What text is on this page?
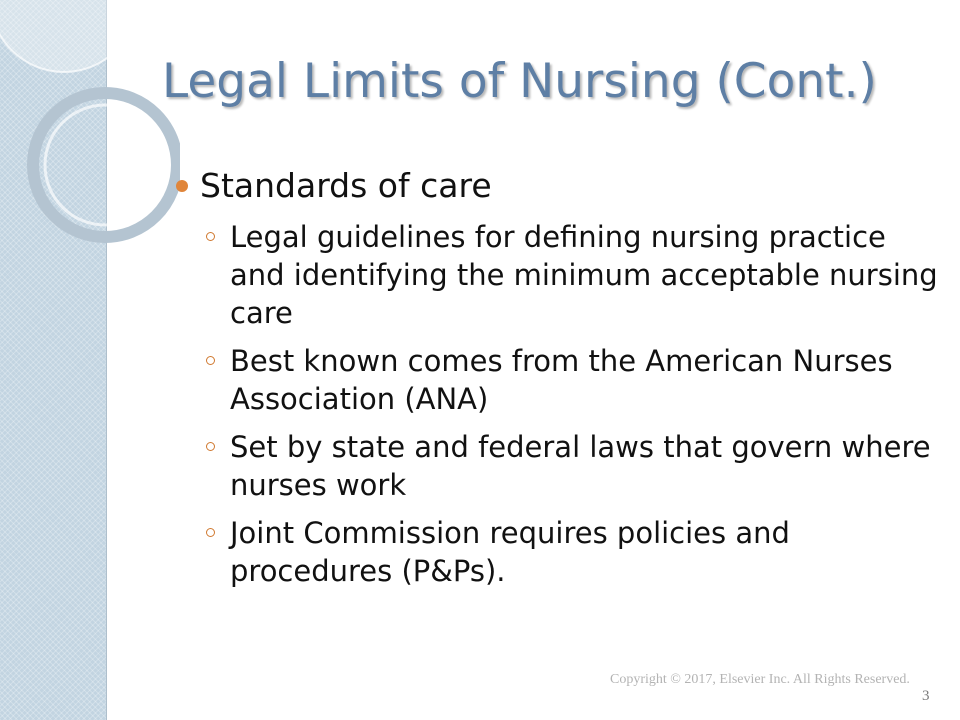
Legal Limits of Nursing (Cont.)
Standards of care
Legal guidelines for defining nursing practice and identifying the minimum acceptable nursing care
Best known comes from the American Nurses Association (ANA)
Set by state and federal laws that govern where nurses work
Joint Commission requires policies and procedures (P&Ps).
Copyright © 2017, Elsevier Inc. All Rights Reserved.
3
